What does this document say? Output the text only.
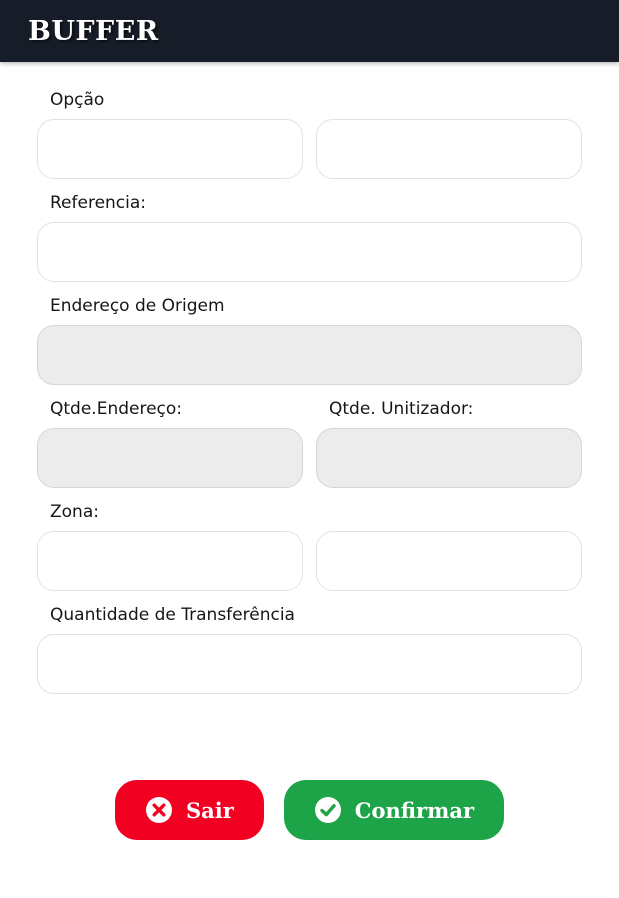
BUFFER
Opção
Referencia:
Endereço de Origem
Qtde.Endereço:	Qtde. Unitizador:
Zona:
Quantidade de Transferência
Sair	Confirmar
